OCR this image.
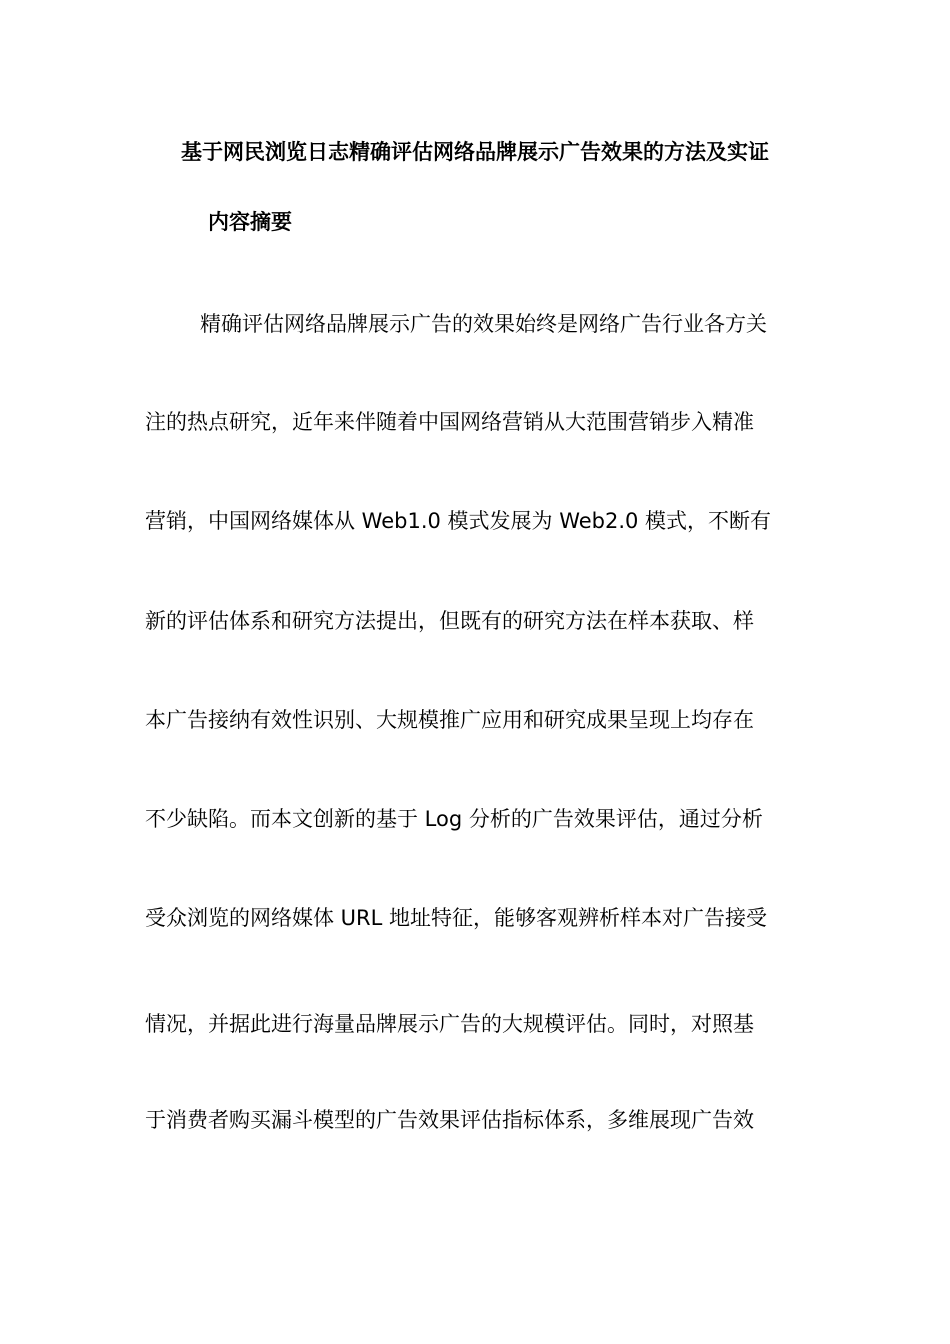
基于网民浏览日志精确评估网络品牌展示广告效果的方法及实证
内容摘要
精确评估网络品牌展示广告的效果始终是网络广告行业各方关
注的热点研究，近年来伴随着中国网络营销从大范围营销步入精准
营销，中国网络媒体从 Web1.0 模式发展为 Web2.0 模式，不断有
新的评估体系和研究方法提出，但既有的研究方法在样本获取、样
本广告接纳有效性识别、大规模推广应用和研究成果呈现上均存在
不少缺陷。而本文创新的基于 Log 分析的广告效果评估，通过分析
受众浏览的网络媒体 URL 地址特征，能够客观辨析样本对广告接受
情况，并据此进行海量品牌展示广告的大规模评估。同时，对照基
于消费者购买漏斗模型的广告效果评估指标体系，多维展现广告效
